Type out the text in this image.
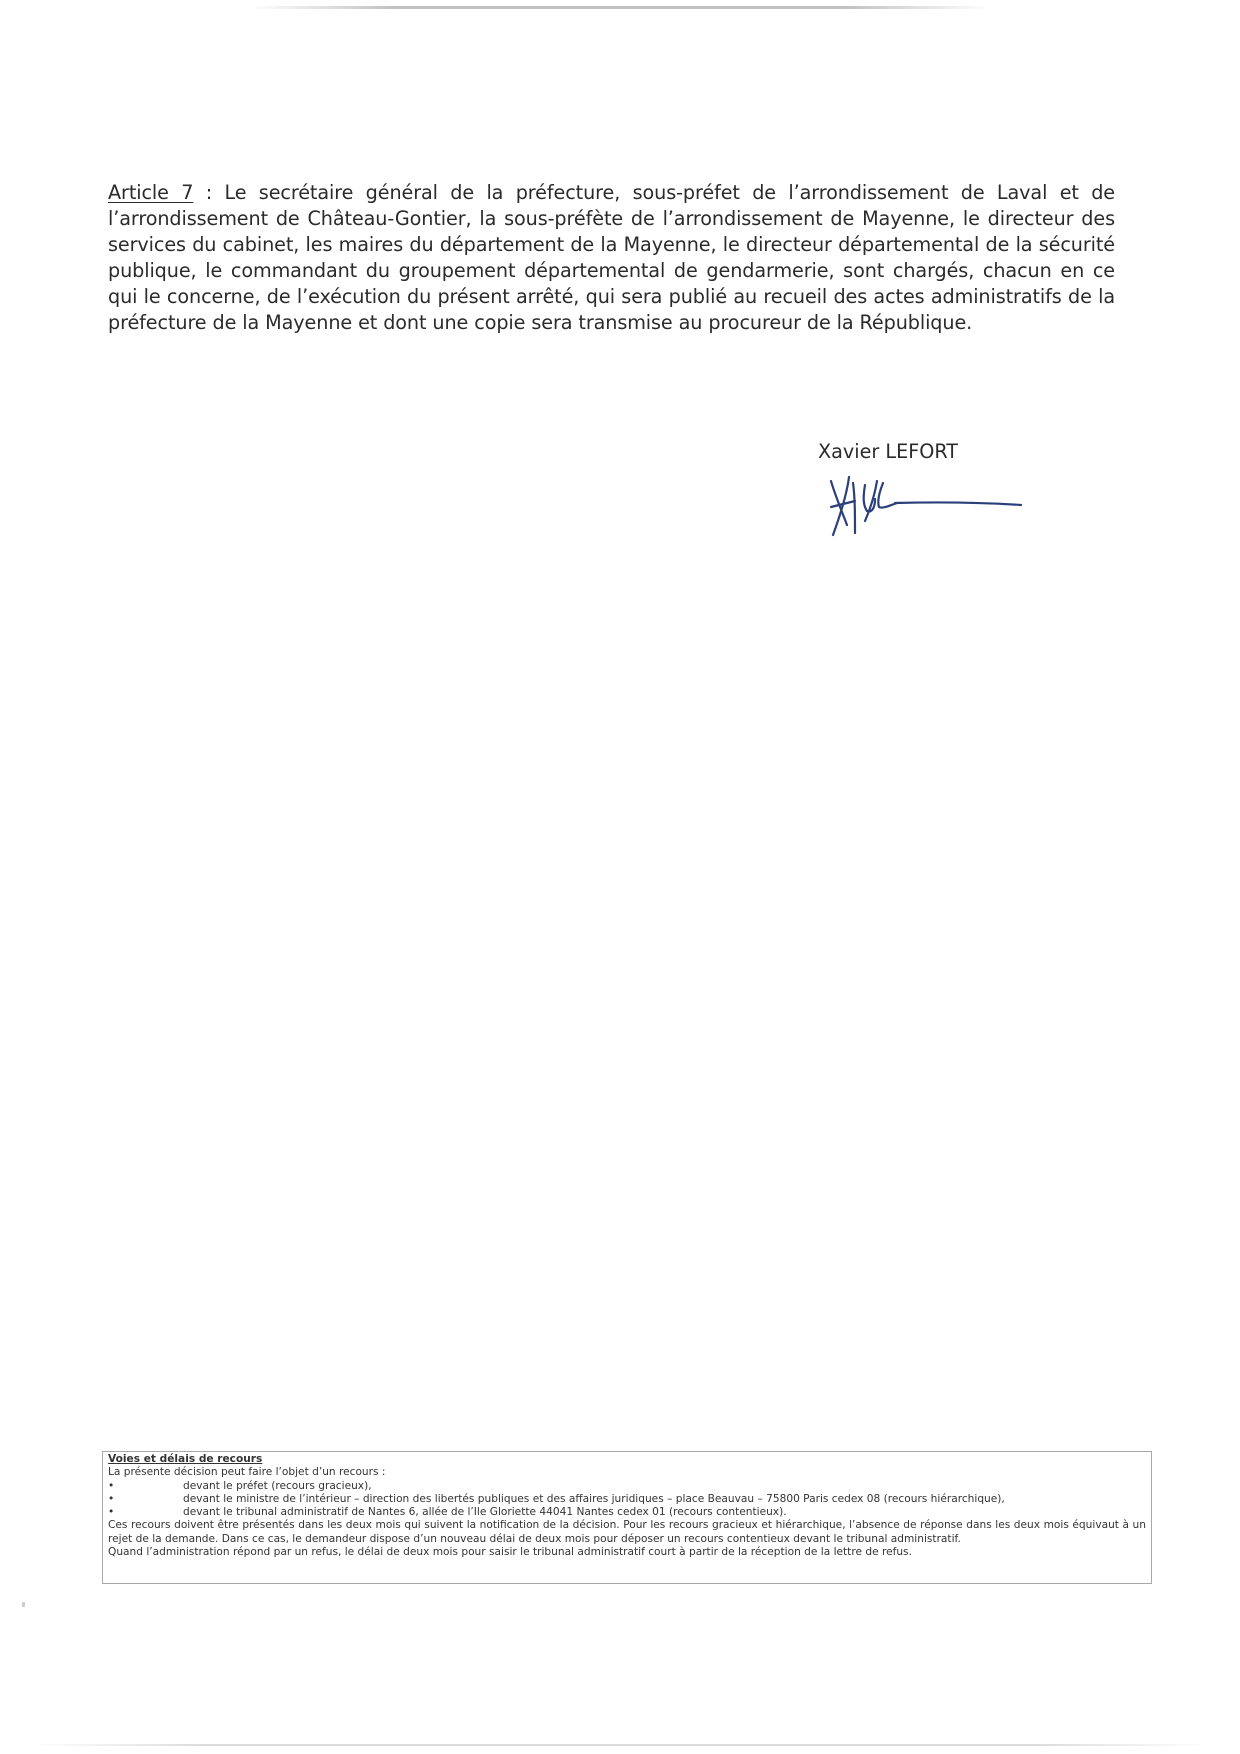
Article 7 : Le secrétaire général de la préfecture, sous-préfet de l’arrondissement de Laval et de l’arrondissement de Château-Gontier, la sous-préfète de l’arrondissement de Mayenne, le directeur des services du cabinet, les maires du département de la Mayenne, le directeur départemental de la sécurité publique, le commandant du groupement départemental de gendarmerie, sont chargés, chacun en ce qui le concerne, de l’exécution du présent arrêté, qui sera publié au recueil des actes administratifs de la préfecture de la Mayenne et dont une copie sera transmise au procureur de la République.

Xavier LEFORT

Voies et délais de recours

La présente décision peut faire l’objet d’un recours :

•	devant le préfet (recours gracieux),

•	devant le ministre de l’intérieur – direction des libertés publiques et des affaires juridiques – place Beauvau – 75800 Paris cedex 08 (recours hiérarchique),

•	devant le tribunal administratif de Nantes 6, allée de l’Ile Gloriette 44041 Nantes cedex 01 (recours contentieux).

Ces recours doivent être présentés dans les deux mois qui suivent la notification de la décision. Pour les recours gracieux et hiérarchique, l’absence de réponse dans les deux mois équivaut à un rejet de la demande. Dans ce cas, le demandeur dispose d’un nouveau délai de deux mois pour déposer un recours contentieux devant le tribunal administratif.

Quand l’administration répond par un refus, le délai de deux mois pour saisir le tribunal administratif court à partir de la réception de la lettre de refus.
